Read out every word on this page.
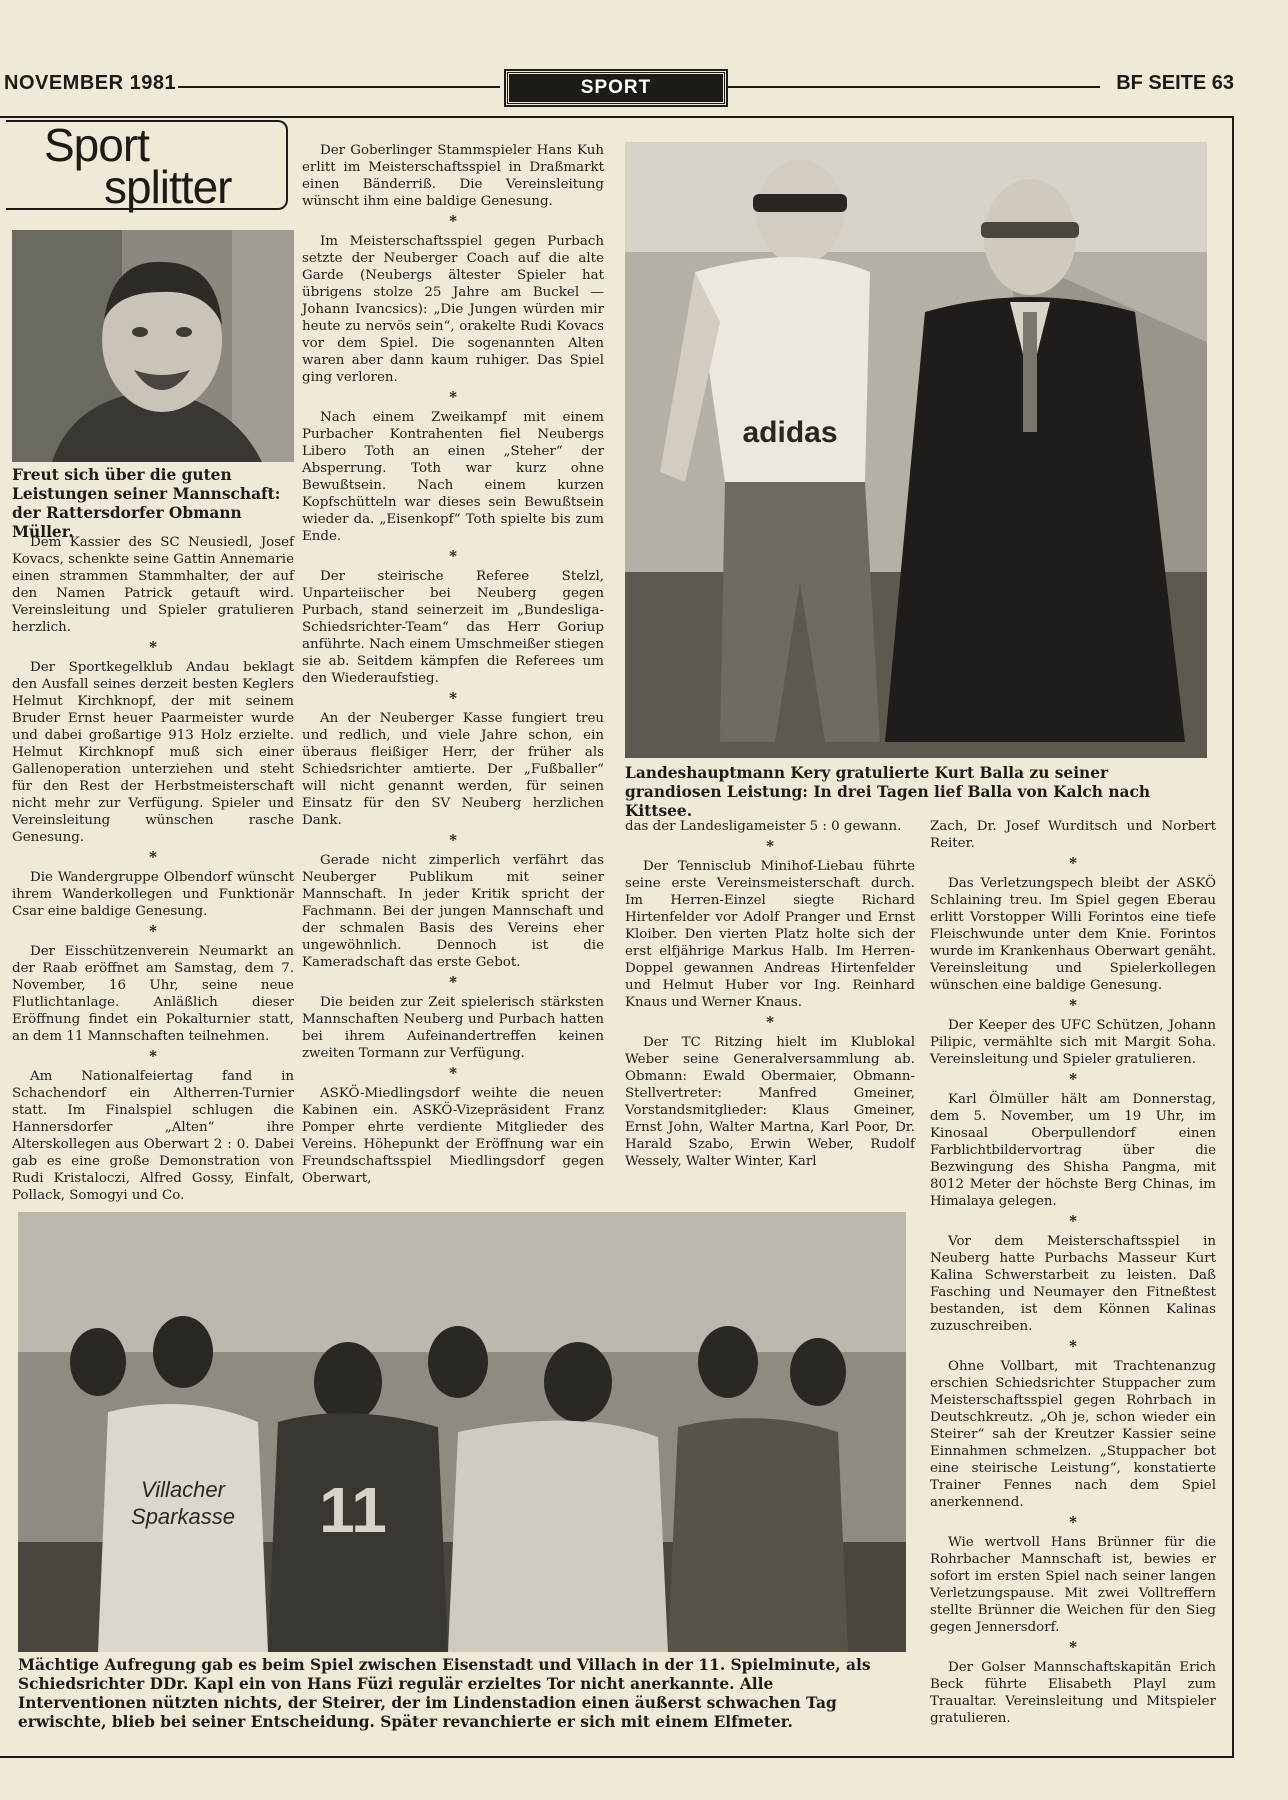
NOVEMBER 1981	SPORT	BF SEITE 63
Sport
splitter
Freut sich über die guten Leistungen seiner Mannschaft: der Rattersdorfer Obmann Müller.
adidas
Landeshauptmann Kery gratulierte Kurt Balla zu seiner grandiosen Leistung: In drei Tagen lief Balla von Kalch nach Kittsee.
Villacher
Sparkasse 11
Mächtige Aufregung gab es beim Spiel zwischen Eisenstadt und Villach in der 11. Spielminute, als Schiedsrichter DDr. Kapl ein von Hans Füzi regulär erzieltes Tor nicht anerkannte. Alle Interventionen nützten nichts, der Steirer, der im Lindenstadion einen äußerst schwachen Tag erwischte, blieb bei seiner Entscheidung. Später revanchierte er sich mit einem Elfmeter.

Dem Kassier des SC Neusiedl, Josef Kovacs, schenkte seine Gattin Annemarie einen strammen Stammhalter, der auf den Namen Patrick getauft wird. Vereinsleitung und Spieler gratulieren herzlich.

*

Der Sportkegelklub Andau beklagt den Ausfall seines derzeit besten Keglers Helmut Kirchknopf, der mit seinem Bruder Ernst heuer Paarmeister wurde und dabei großartige 913 Holz erzielte. Helmut Kirchknopf muß sich einer Gallenoperation unterziehen und steht für den Rest der Herbstmeisterschaft nicht mehr zur Verfügung. Spieler und Vereinsleitung wünschen rasche Genesung.

*

Die Wandergruppe Olbendorf wünscht ihrem Wanderkollegen und Funktionär Csar eine baldige Genesung.

*

Der Eisschützenverein Neumarkt an der Raab eröffnet am Samstag, dem 7. November, 16 Uhr, seine neue Flutlichtanlage. Anläßlich dieser Eröffnung findet ein Pokalturnier statt, an dem 11 Mannschaften teilnehmen.

*

Am Nationalfeiertag fand in Schachendorf ein Altherren-Turnier statt. Im Finalspiel schlugen die Hannersdorfer „Alten“ ihre Alterskollegen aus Oberwart 2 : 0. Dabei gab es eine große Demonstration von Rudi Kristaloczi, Alfred Gossy, Einfalt, Pollack, Somogyi und Co.

Der Goberlinger Stammspieler Hans Kuh erlitt im Meisterschaftsspiel in Draßmarkt einen Bänderriß. Die Vereinsleitung wünscht ihm eine baldige Genesung.

*

Im Meisterschaftsspiel gegen Purbach setzte der Neuberger Coach auf die alte Garde (Neubergs ältester Spieler hat übrigens stolze 25 Jahre am Buckel — Johann Ivancsics): „Die Jungen würden mir heute zu nervös sein“, orakelte Rudi Kovacs vor dem Spiel. Die sogenannten Alten waren aber dann kaum ruhiger. Das Spiel ging verloren.

*

Nach einem Zweikampf mit einem Purbacher Kontrahenten fiel Neubergs Libero Toth an einen „Steher“ der Absperrung. Toth war kurz ohne Bewußtsein. Nach einem kurzen Kopfschütteln war dieses sein Bewußtsein wieder da. „Eisenkopf“ Toth spielte bis zum Ende.

*

Der steirische Referee Stelzl, Unparteiischer bei Neuberg gegen Purbach, stand seinerzeit im „Bundesliga-Schiedsrichter-Team“ das Herr Goriup anführte. Nach einem Umschmeißer stiegen sie ab. Seitdem kämpfen die Referees um den Wiederaufstieg.

*

An der Neuberger Kasse fungiert treu und redlich, und viele Jahre schon, ein überaus fleißiger Herr, der früher als Schiedsrichter amtierte. Der „Fußballer“ will nicht genannt werden, für seinen Einsatz für den SV Neuberg herzlichen Dank.

*

Gerade nicht zimperlich verfährt das Neuberger Publikum mit seiner Mannschaft. In jeder Kritik spricht der Fachmann. Bei der jungen Mannschaft und der schmalen Basis des Vereins eher ungewöhnlich. Dennoch ist die Kameradschaft das erste Gebot.

*

Die beiden zur Zeit spielerisch stärksten Mannschaften Neuberg und Purbach hatten bei ihrem Aufeinandertreffen keinen zweiten Tormann zur Verfügung.

*

ASKÖ-Miedlingsdorf weihte die neuen Kabinen ein. ASKÖ-Vizepräsident Franz Pomper ehrte verdiente Mitglieder des Vereins. Höhepunkt der Eröffnung war ein Freundschaftsspiel Miedlingsdorf gegen Oberwart,

das der Landesligameister 5 : 0 gewann.

*

Der Tennisclub Minihof-Liebau führte seine erste Vereinsmeisterschaft durch. Im Herren-Einzel siegte Richard Hirtenfelder vor Adolf Pranger und Ernst Kloiber. Den vierten Platz holte sich der erst elfjährige Markus Halb. Im Herren-Doppel gewannen Andreas Hirtenfelder und Helmut Huber vor Ing. Reinhard Knaus und Werner Knaus.

*

Der TC Ritzing hielt im Klublokal Weber seine Generalversammlung ab. Obmann: Ewald Obermaier, Obmann-Stellvertreter: Manfred Gmeiner, Vorstandsmitglieder: Klaus Gmeiner, Ernst John, Walter Martna, Karl Poor, Dr. Harald Szabo, Erwin Weber, Rudolf Wessely, Walter Winter, Karl

Zach, Dr. Josef Wurditsch und Norbert Reiter.

*

Das Verletzungspech bleibt der ASKÖ Schlaining treu. Im Spiel gegen Eberau erlitt Vorstopper Willi Forintos eine tiefe Fleischwunde unter dem Knie. Forintos wurde im Krankenhaus Oberwart genäht. Vereinsleitung und Spielerkollegen wünschen eine baldige Genesung.

*

Der Keeper des UFC Schützen, Johann Pilipic, vermählte sich mit Margit Soha. Vereinsleitung und Spieler gratulieren.

*

Karl Ölmüller hält am Donnerstag, dem 5. November, um 19 Uhr, im Kinosaal Oberpullendorf einen Farblichtbildervortrag über die Bezwingung des Shisha Pangma, mit 8012 Meter der höchste Berg Chinas, im Himalaya gelegen.

*

Vor dem Meisterschaftsspiel in Neuberg hatte Purbachs Masseur Kurt Kalina Schwerstarbeit zu leisten. Daß Fasching und Neumayer den Fitneßtest bestanden, ist dem Können Kalinas zuzuschreiben.

*

Ohne Vollbart, mit Trachtenanzug erschien Schiedsrichter Stuppacher zum Meisterschaftsspiel gegen Rohrbach in Deutschkreutz. „Oh je, schon wieder ein Steirer“ sah der Kreutzer Kassier seine Einnahmen schmelzen. „Stuppacher bot eine steirische Leistung“, konstatierte Trainer Fennes nach dem Spiel anerkennend.

*

Wie wertvoll Hans Brünner für die Rohrbacher Mannschaft ist, bewies er sofort im ersten Spiel nach seiner langen Verletzungspause. Mit zwei Volltreffern stellte Brünner die Weichen für den Sieg gegen Jennersdorf.

*

Der Golser Mannschaftskapitän Erich Beck führte Elisabeth Playl zum Traualtar. Vereinsleitung und Mitspieler gratulieren.
